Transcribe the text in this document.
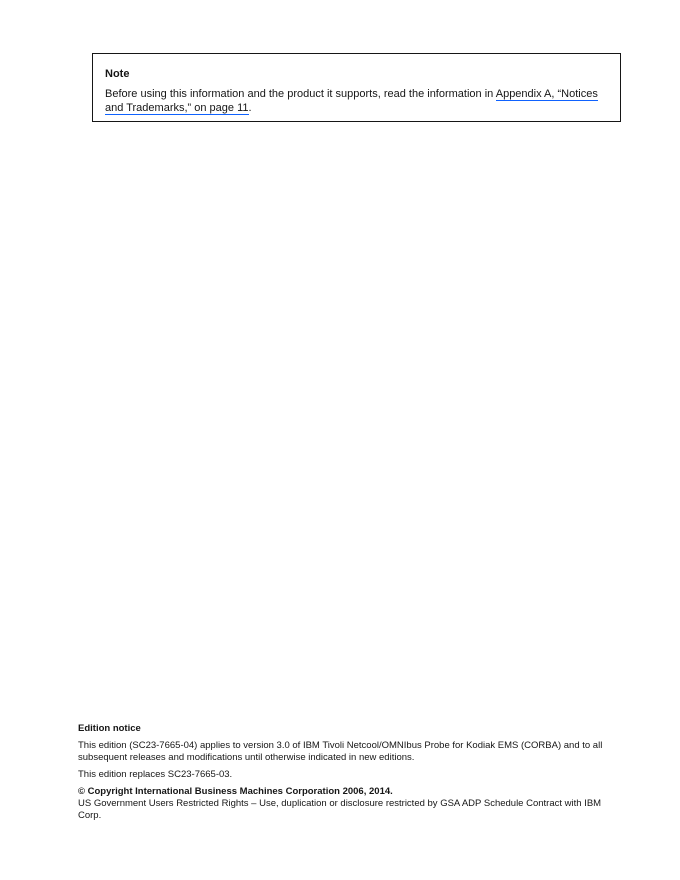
Note

Before using this information and the product it supports, read the information in Appendix A, “Notices and Trademarks,” on page 11.

Edition notice

This edition (SC23-7665-04) applies to version 3.0 of IBM Tivoli Netcool/OMNIbus Probe for Kodiak EMS (CORBA) and to all subsequent releases and modifications until otherwise indicated in new editions.

This edition replaces SC23-7665-03.

© Copyright International Business Machines Corporation 2006, 2014.
US Government Users Restricted Rights – Use, duplication or disclosure restricted by GSA ADP Schedule Contract with IBM Corp.
